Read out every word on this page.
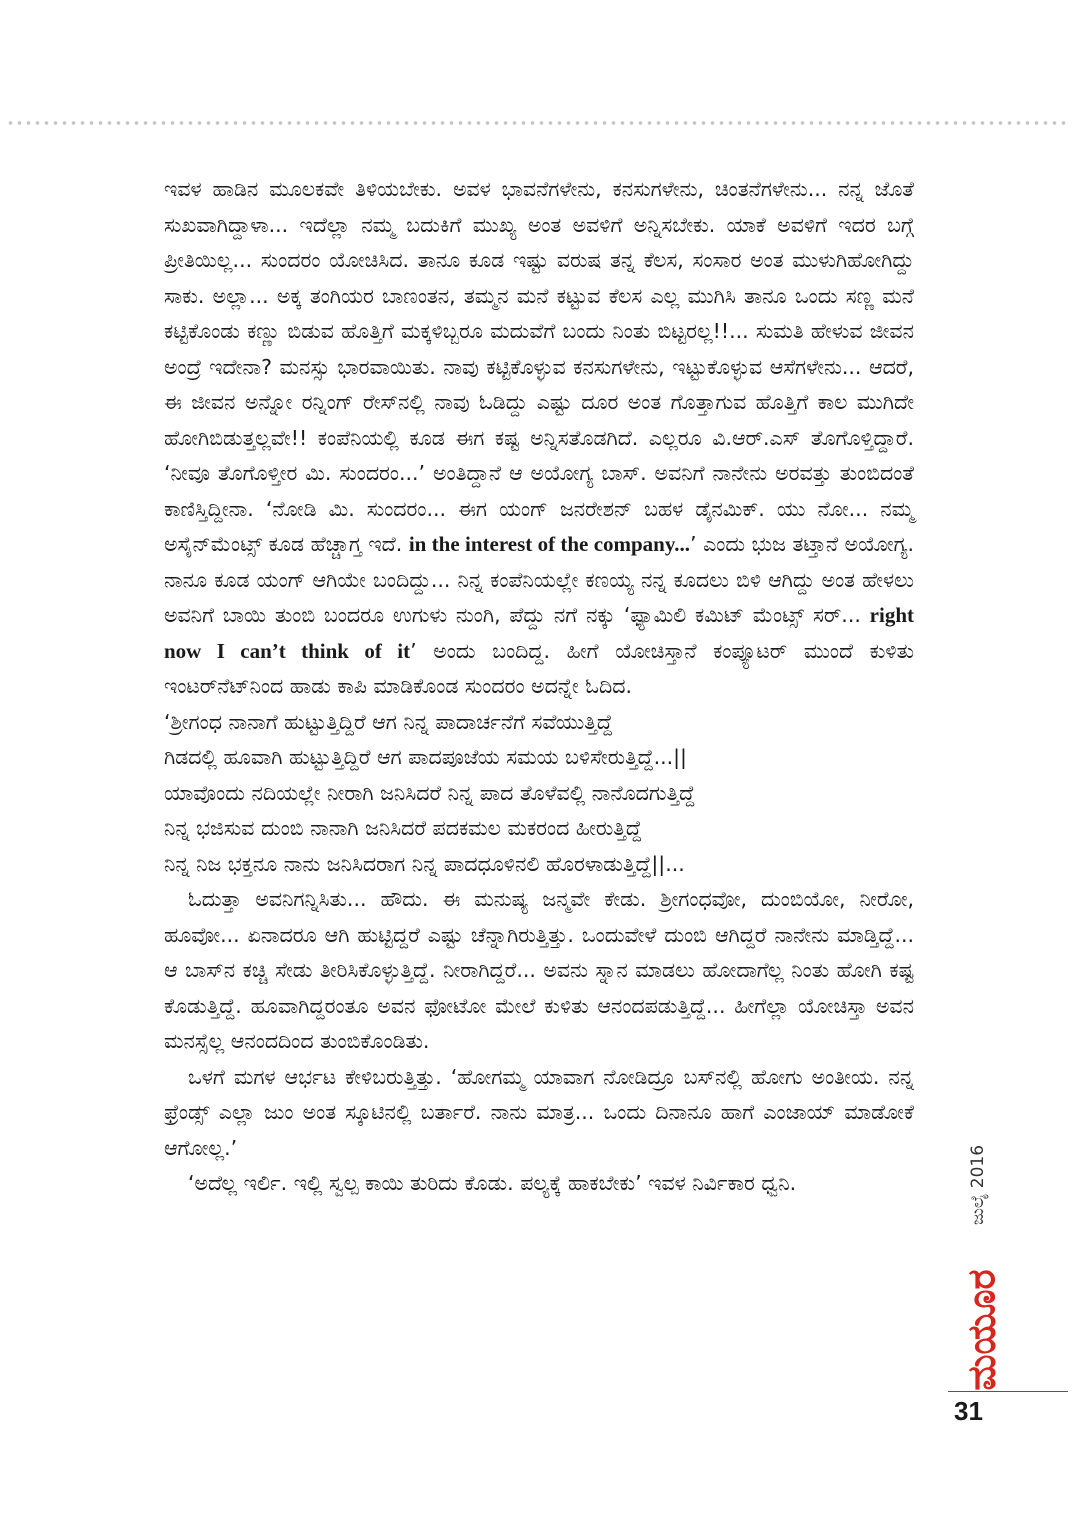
ಇವಳ ಹಾಡಿನ ಮೂಲಕವೇ ತಿಳಿಯಬೇಕು. ಅವಳ ಭಾವನೆಗಳೇನು, ಕನಸುಗಳೇನು, ಚಿಂತನೆಗಳೇನು... ನನ್ನ ಜೊತೆ ಸುಖವಾಗಿದ್ದಾಳಾ... ಇದೆಲ್ಲಾ ನಮ್ಮ ಬದುಕಿಗೆ ಮುಖ್ಯ ಅಂತ ಅವಳಿಗೆ ಅನ್ನಿಸಬೇಕು. ಯಾಕೆ ಅವಳಿಗೆ ಇದರ ಬಗ್ಗೆ ಪ್ರೀತಿಯಿಲ್ಲ... ಸುಂದರಂ ಯೋಚಿಸಿದ. ತಾನೂ ಕೂಡ ಇಷ್ಟು ವರುಷ ತನ್ನ ಕೆಲಸ, ಸಂಸಾರ ಅಂತ ಮುಳುಗಿಹೋಗಿದ್ದು ಸಾಕು. ಅಲ್ಲಾ... ಅಕ್ಕ ತಂಗಿಯರ ಬಾಣಂತನ, ತಮ್ಮನ ಮನೆ ಕಟ್ಟುವ ಕೆಲಸ ಎಲ್ಲ ಮುಗಿಸಿ ತಾನೂ ಒಂದು ಸಣ್ಣ ಮನೆ ಕಟ್ಟಿಕೊಂಡು ಕಣ್ಣು ಬಿಡುವ ಹೊತ್ತಿಗೆ ಮಕ್ಕಳಿಬ್ಬರೂ ಮದುವೆಗೆ ಬಂದು ನಿಂತು ಬಿಟ್ಟರಲ್ಲ!!... ಸುಮತಿ ಹೇಳುವ ಜೀವನ ಅಂದ್ರೆ ಇದೇನಾ? ಮನಸ್ಸು ಭಾರವಾಯಿತು. ನಾವು ಕಟ್ಟಿಕೊಳ್ಳುವ ಕನಸುಗಳೇನು, ಇಟ್ಟುಕೊಳ್ಳುವ ಆಸೆಗಳೇನು... ಆದರೆ, ಈ ಜೀವನ ಅನ್ನೋ ರನ್ನಿಂಗ್ ರೇಸ್‌ನಲ್ಲಿ ನಾವು ಓಡಿದ್ದು ಎಷ್ಟು ದೂರ ಅಂತ ಗೊತ್ತಾಗುವ ಹೊತ್ತಿಗೆ ಕಾಲ ಮುಗಿದೇ ಹೋಗಿಬಿಡುತ್ತಲ್ಲವೇ!! ಕಂಪೆನಿಯಲ್ಲಿ ಕೂಡ ಈಗ ಕಷ್ಟ ಅನ್ನಿಸತೊಡಗಿದೆ. ಎಲ್ಲರೂ ವಿ.ಆರ್.ಎಸ್ ತೊಗೊಳ್ತಿದ್ದಾರೆ. ‘ನೀವೂ ತೊಗೊಳ್ತೀರ ಮಿ. ಸುಂದರಂ...’ ಅಂತಿದ್ದಾನೆ ಆ ಅಯೋಗ್ಯ ಬಾಸ್. ಅವನಿಗೆ ನಾನೇನು ಅರವತ್ತು ತುಂಬಿದಂತೆ ಕಾಣಿಸ್ತಿದ್ದೀನಾ. ‘ನೋಡಿ ಮಿ. ಸುಂದರಂ... ಈಗ ಯಂಗ್ ಜನರೇಶನ್ ಬಹಳ ಡೈನಮಿಕ್. ಯು ನೋ... ನಮ್ಮ ಅಸೈನ್‌ಮೆಂಟ್ಸ್ ಕೂಡ ಹೆಚ್ಚಾಗ್ತ ಇದೆ. in the interest of the company...’ ಎಂದು ಭುಜ ತಟ್ತಾನೆ ಅಯೋಗ್ಯ. ನಾನೂ ಕೂಡ ಯಂಗ್ ಆಗಿಯೇ ಬಂದಿದ್ದು... ನಿನ್ನ ಕಂಪೆನಿಯಲ್ಲೇ ಕಣಯ್ಯ ನನ್ನ ಕೂದಲು ಬಿಳಿ ಆಗಿದ್ದು ಅಂತ ಹೇಳಲು ಅವನಿಗೆ ಬಾಯಿ ತುಂಬಿ ಬಂದರೂ ಉಗುಳು ನುಂಗಿ, ಪೆದ್ದು ನಗೆ ನಕ್ಕು ‘ಫ್ಯಾಮಿಲಿ ಕಮಿಟ್ ಮೆಂಟ್ಸ್ ಸರ್... right now I can’t think of it’ ಅಂದು ಬಂದಿದ್ದ. ಹೀಗೆ ಯೋಚಿಸ್ತಾನೆ ಕಂಪ್ಯೂಟರ್ ಮುಂದೆ ಕುಳಿತು ಇಂಟರ್‌ನೆಟ್‌ನಿಂದ ಹಾಡು ಕಾಪಿ ಮಾಡಿಕೊಂಡ ಸುಂದರಂ ಅದನ್ನೇ ಓದಿದ.

‘ಶ್ರೀಗಂಧ ನಾನಾಗೆ ಹುಟ್ಟುತ್ತಿದ್ದಿರೆ ಆಗ ನಿನ್ನ ಪಾದಾರ್ಚನೆಗೆ ಸವೆಯುತ್ತಿದ್ದೆ

ಗಿಡದಲ್ಲಿ ಹೂವಾಗಿ ಹುಟ್ಟುತ್ತಿದ್ದಿರೆ ಆಗ ಪಾದಪೂಜೆಯ ಸಮಯ ಬಳಿಸೇರುತ್ತಿದ್ದೆ...||

ಯಾವೊಂದು ನದಿಯಲ್ಲೇ ನೀರಾಗಿ ಜನಿಸಿದರೆ ನಿನ್ನ ಪಾದ ತೊಳೆವಲ್ಲಿ ನಾನೊದಗುತ್ತಿದ್ದೆ

ನಿನ್ನ ಭಜಿಸುವ ದುಂಬಿ ನಾನಾಗಿ ಜನಿಸಿದರೆ ಪದಕಮಲ ಮಕರಂದ ಹೀರುತ್ತಿದ್ದೆ

ನಿನ್ನ ನಿಜ ಭಕ್ತನೂ ನಾನು ಜನಿಸಿದರಾಗ ನಿನ್ನ ಪಾದಧೂಳಿನಲಿ ಹೊರಳಾಡುತ್ತಿದ್ದೆ||...

ಓದುತ್ತಾ ಅವನಿಗನ್ನಿಸಿತು... ಹೌದು. ಈ ಮನುಷ್ಯ ಜನ್ಮವೇ ಕೇಡು. ಶ್ರೀಗಂಧವೋ, ದುಂಬಿಯೋ, ನೀರೋ, ಹೂವೋ... ಏನಾದರೂ ಆಗಿ ಹುಟ್ಟಿದ್ದರೆ ಎಷ್ಟು ಚೆನ್ನಾಗಿರುತ್ತಿತ್ತು. ಒಂದುವೇಳೆ ದುಂಬಿ ಆಗಿದ್ದರೆ ನಾನೇನು ಮಾಡ್ತಿದ್ದೆ... ಆ ಬಾಸ್‌ನ ಕಚ್ಚಿ ಸೇಡು ತೀರಿಸಿಕೊಳ್ಳುತ್ತಿದ್ದೆ. ನೀರಾಗಿದ್ದರೆ... ಅವನು ಸ್ನಾನ ಮಾಡಲು ಹೋದಾಗೆಲ್ಲ ನಿಂತು ಹೋಗಿ ಕಷ್ಟ ಕೊಡುತ್ತಿದ್ದೆ. ಹೂವಾಗಿದ್ದರಂತೂ ಅವನ ಫೋಟೋ ಮೇಲೆ ಕುಳಿತು ಆನಂದಪಡುತ್ತಿದ್ದೆ... ಹೀಗೆಲ್ಲಾ ಯೋಚಿಸ್ತಾ ಅವನ ಮನಸ್ಸೆಲ್ಲ ಆನಂದದಿಂದ ತುಂಬಿಕೊಂಡಿತು.

ಒಳಗೆ ಮಗಳ ಆರ್ಭಟ ಕೇಳಿಬರುತ್ತಿತ್ತು. ‘ಹೋಗಮ್ಮ ಯಾವಾಗ ನೋಡಿದ್ರೂ ಬಸ್‌ನಲ್ಲಿ ಹೋಗು ಅಂತೀಯ. ನನ್ನ ಫ್ರೆಂಡ್ಸ್ ಎಲ್ಲಾ ಜುಂ ಅಂತ ಸ್ಕೂಟಿನಲ್ಲಿ ಬರ್ತಾರೆ. ನಾನು ಮಾತ್ರ... ಒಂದು ದಿನಾನೂ ಹಾಗೆ ಎಂಜಾಯ್ ಮಾಡೋಕೆ ಆಗೋಲ್ಲ.’

‘ಅದೆಲ್ಲ ಇರ್ಲಿ. ಇಲ್ಲಿ ಸ್ವಲ್ಪ ಕಾಯಿ ತುರಿದು ಕೊಡು. ಪಲ್ಯಕ್ಕೆ ಹಾಕಬೇಕು’ ಇವಳ ನಿರ್ವಿಕಾರ ಧ್ವನಿ.	ಜುಲೈ 2016
ಮಯೂರ
31
